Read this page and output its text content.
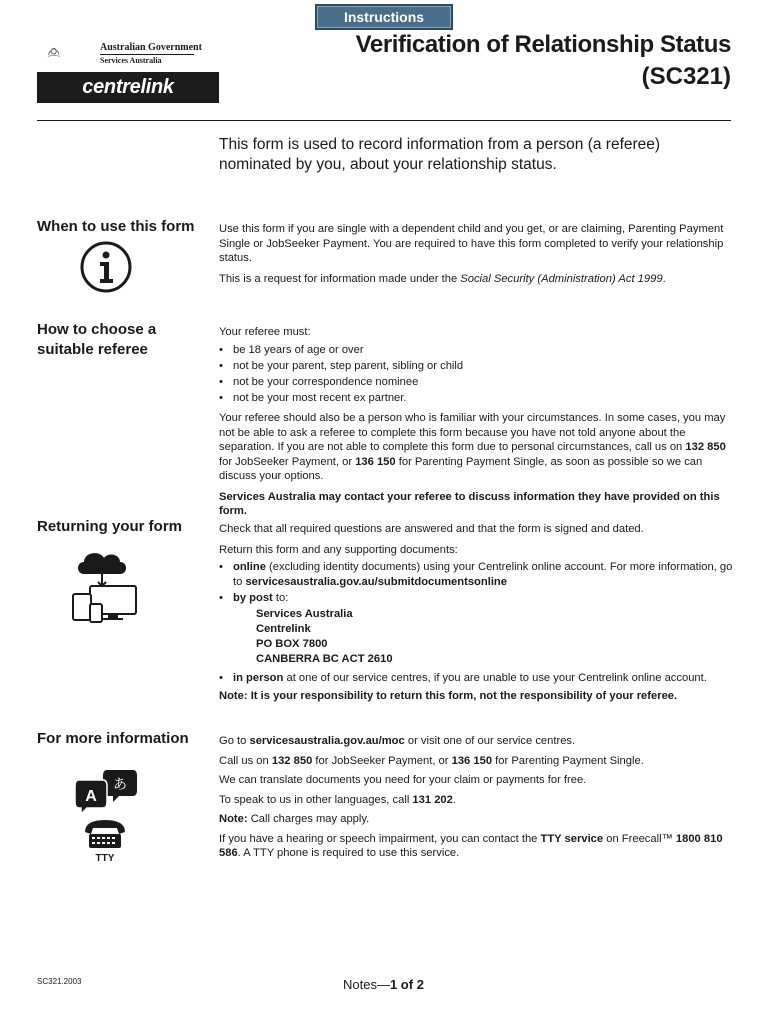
Instructions
Australian Government
Services Australia
centrelink
Verification of Relationship Status
(SC321)
This form is used to record information from a person (a referee) nominated by you, about your relationship status.
When to use this form Use this form if you are single with a dependent child and you get, or are claiming, Parenting Payment Single or JobSeeker Payment. You are required to have this form completed to verify your relationship status.

This is a request for information made under the Social Security (Administration) Act 1999.

How to choose a suitable referee

Your referee must:

• be 18 years of age or over
• not be your parent, step parent, sibling or child
• not be your correspondence nominee
• not be your most recent ex partner.

Your referee should also be a person who is familiar with your circumstances. In some cases, you may not be able to ask a referee to complete this form because you have not told anyone about the separation. If you are not able to complete this form due to personal circumstances, call us on 132 850 for JobSeeker Payment, or 136 150 for Parenting Payment Single, as soon as possible so we can discuss your options.

Services Australia may contact your referee to discuss information they have provided on this form.

Returning your form	Check that all required questions are answered and that the form is signed and dated.

Return this form and any supporting documents:

• online (excluding identity documents) using your Centrelink online account. For more information, go to servicesaustralia.gov.au/submitdocumentsonline
• by post to:
Services Australia
Centrelink
PO BOX 7800
CANBERRA BC ACT 2610
• in person at one of our service centres, if you are unable to use your Centrelink online account.

Note: It is your responsibility to return this form, not the responsibility of your referee.

For more information
あ
A
TTY

Go to servicesaustralia.gov.au/moc or visit one of our service centres.

Call us on 132 850 for JobSeeker Payment, or 136 150 for Parenting Payment Single.

We can translate documents you need for your claim or payments for free.

To speak to us in other languages, call 131 202.

Note: Call charges may apply.

If you have a hearing or speech impairment, you can contact the TTY service on Freecall™ 1800 810 586. A TTY phone is required to use this service.

SC321.2003	Notes—1 of 2
